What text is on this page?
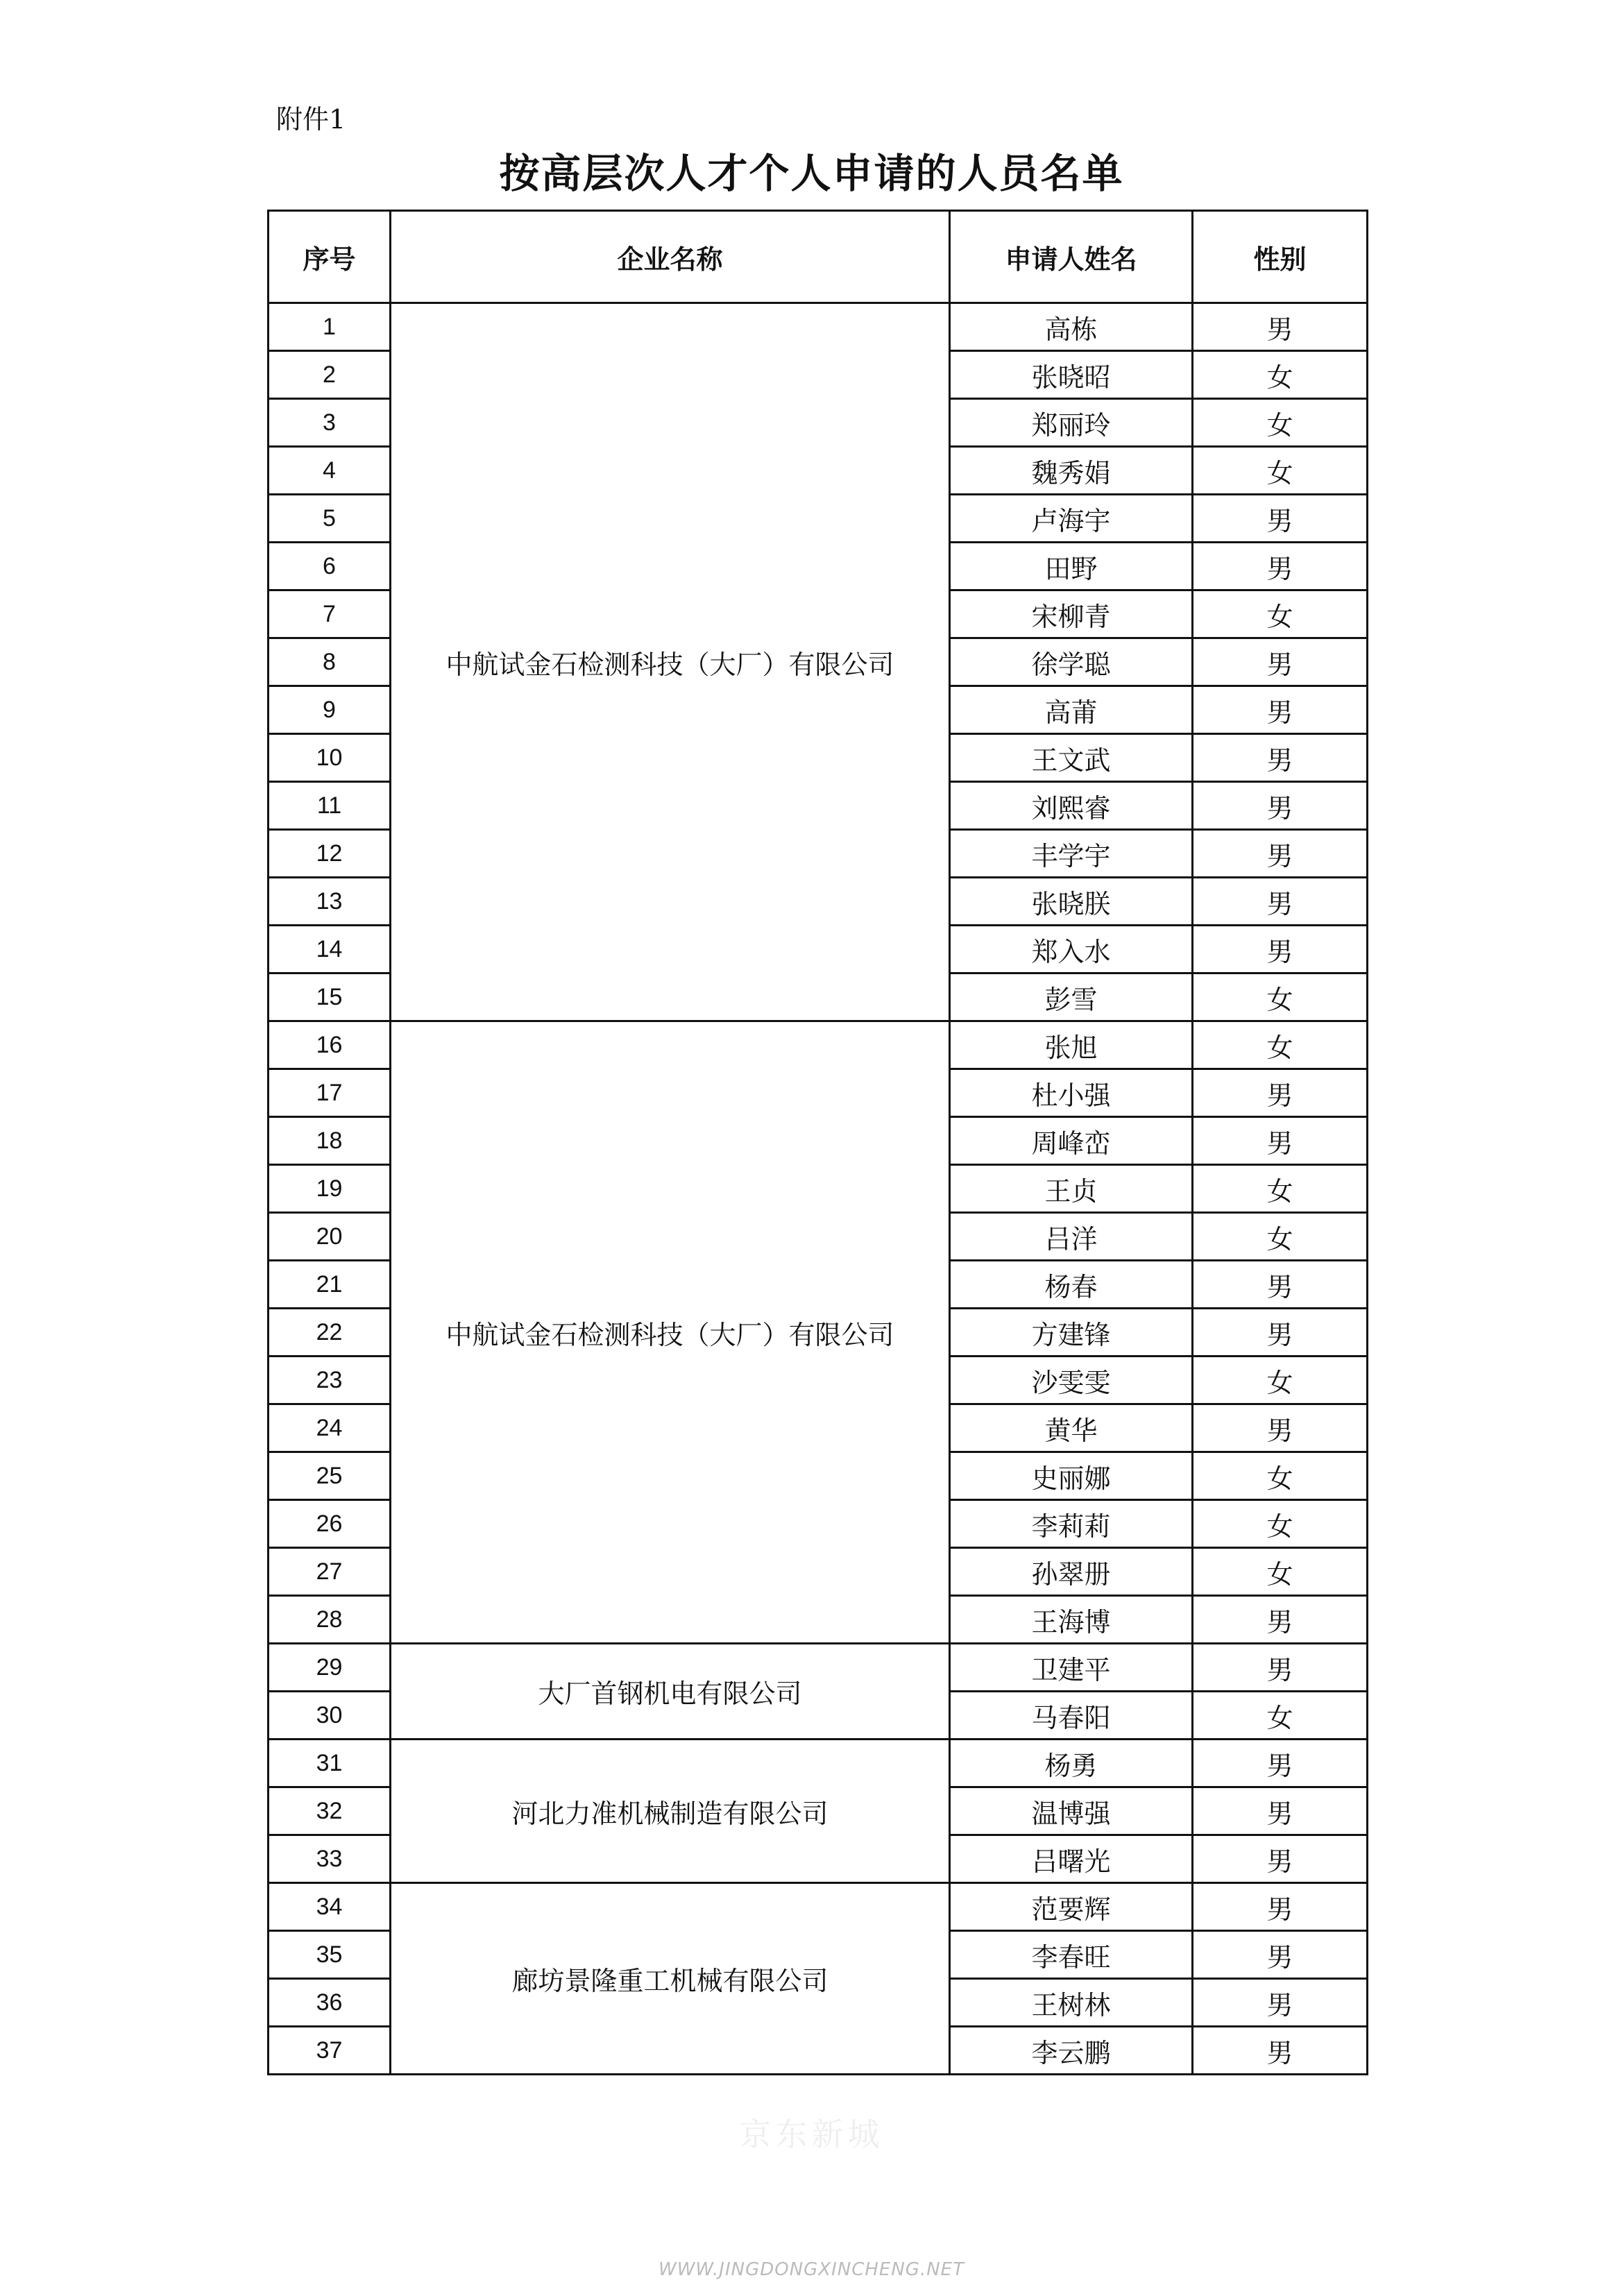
附件1
按高层次人才个人申请的人员名单
序号	企业名称	申请人姓名	性别
1	中航试金石检测科技（大厂）有限公司	高栋	男
2		张晓昭	女
3		郑丽玲	女
4		魏秀娟	女
5		卢海宇	男
6		田野	男
7		宋柳青	女
8		徐学聪	男
9		高莆	男
10		王文武	男
11		刘熙睿	男
12		丰学宇	男
13		张晓朕	男
14		郑入水	男
15		彭雪	女
16	中航试金石检测科技（大厂）有限公司	张旭	女
17		杜小强	男
18		周峰峦	男
19		王贞	女
20		吕洋	女
21		杨春	男
22		方建锋	男
23		沙雯雯	女
24		黄华	男
25		史丽娜	女
26		李莉莉	女
27		孙翠册	女
28		王海博	男
29	大厂首钢机电有限公司	卫建平	男
30		马春阳	女
31	河北力准机械制造有限公司	杨勇	男
32		温博强	男
33		吕曙光	男
34	廊坊景隆重工机械有限公司	范要辉	男
35		李春旺	男
36		王树林	男
37		李云鹏	男
京东新城
WWW.JINGDONGXINCHENG.NET
